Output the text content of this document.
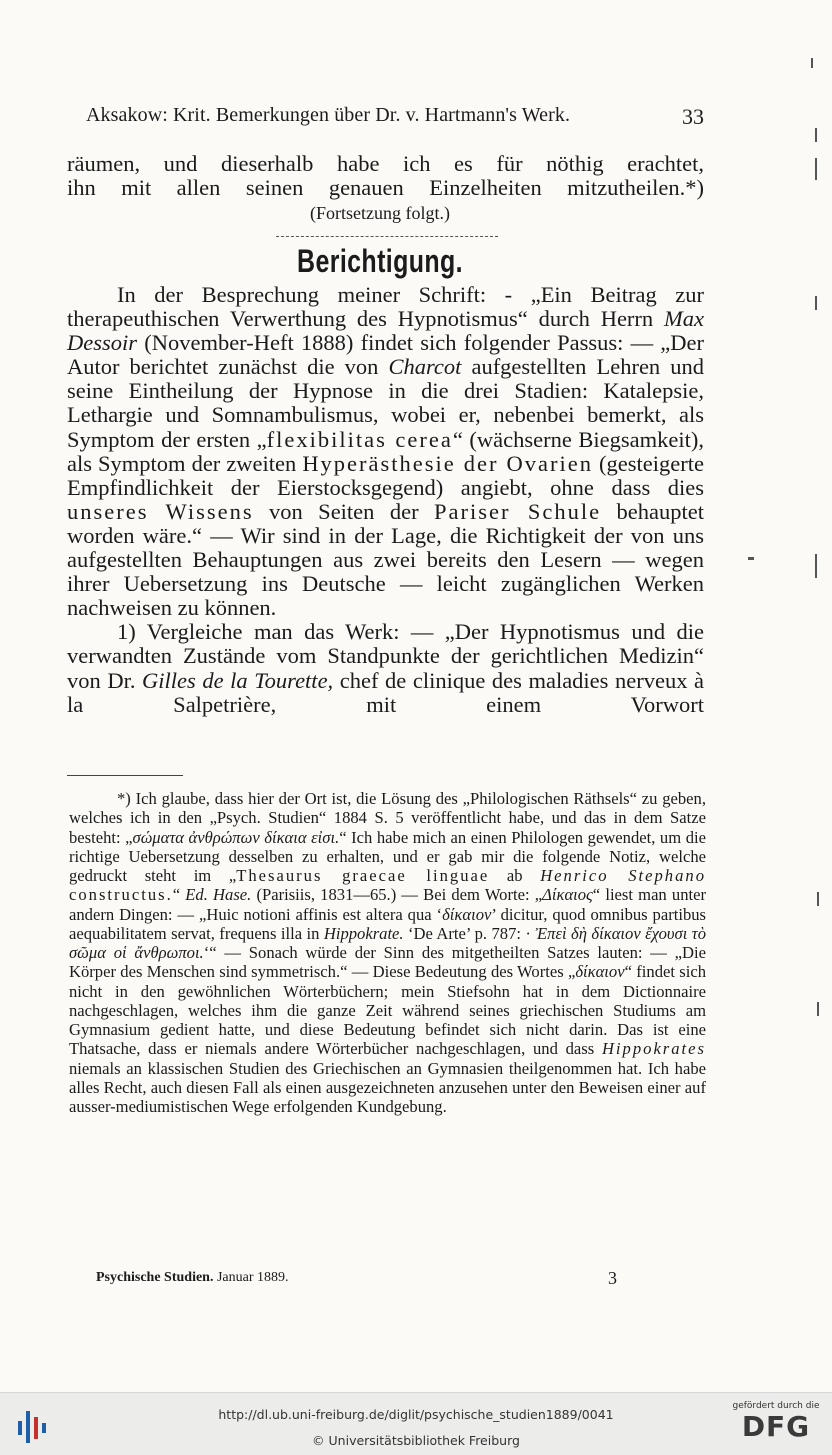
Aksakow: Krit. Bemerkungen über Dr. v. Hartmann's Werk.	33

räumen, und dieserhalb habe ich es für nöthig erachtet,

ihn mit allen seinen genauen Einzelheiten mitzutheilen.*)

(Fortsetzung folgt.)
Berichtigung.

In der Besprechung meiner Schrift: - „Ein Beitrag zur therapeuthischen Verwerthung des Hypnotismus“ durch Herrn Max Dessoir (November-Heft 1888) findet sich folgender Passus: — „Der Autor berichtet zunächst die von Charcot aufgestellten Lehren und seine Eintheilung der Hypnose in die drei Stadien: Katalepsie, Lethargie und Somnambulismus, wobei er, nebenbei bemerkt, als Symptom der ersten „flexibilitas cerea“ (wächserne Biegsamkeit), als Symptom der zweiten Hyperästhesie der Ovarien (gesteigerte Empfindlichkeit der Eierstocksgegend) angiebt, ohne dass dies unseres Wissens von Seiten der Pariser Schule behauptet worden wäre.“ — Wir sind in der Lage, die Richtigkeit der von uns aufgestellten Behauptungen aus zwei bereits den Lesern — wegen ihrer Uebersetzung ins Deutsche — leicht zugänglichen Werken nachweisen zu können.

1) Vergleiche man das Werk: — „Der Hypnotismus und die verwandten Zustände vom Standpunkte der gerichtlichen Medizin“ von Dr. Gilles de la Tourette, chef de clinique des maladies nerveux à la Salpetrière, mit einem Vorwort

*) Ich glaube, dass hier der Ort ist, die Lösung des „Philologischen Räthsels“ zu geben, welches ich in den „Psych. Studien“ 1884 S. 5 veröffentlicht habe, und das in dem Satze besteht: „σώματα ἀνθρώπων δίκαια εἰσι.“ Ich habe mich an einen Philologen gewendet, um die richtige Uebersetzung desselben zu erhalten, und er gab mir die folgende Notiz, welche gedruckt steht im „Thesaurus graecae linguae ab Henrico Stephano constructus.“ Ed. Hase. (Parisiis, 1831—65.) — Bei dem Worte: „Δίκαιος“ liest man unter andern Dingen: — „Huic notioni affinis est altera qua ‘δίκαιον’ dicitur, quod omnibus partibus aequabilitatem servat, frequens illa in Hippokrate. ‘De Arte’ p. 787: · Ἐπεὶ δὴ δίκαιον ἔχουσι τὸ σῶμα οἱ ἄνθρωποι.‘“ — Sonach würde der Sinn des mitgetheilten Satzes lauten: — „Die Körper des Menschen sind symmetrisch.“ — Diese Bedeutung des Wortes „δίκαιον“ findet sich nicht in den gewöhnlichen Wörterbüchern; mein Stiefsohn hat in dem Dictionnaire nachgeschlagen, welches ihm die ganze Zeit während seines griechischen Studiums am Gymnasium gedient hatte, und diese Bedeutung befindet sich nicht darin. Das ist eine Thatsache, dass er niemals andere Wörterbücher nachgeschlagen, und dass Hippokrates niemals an klassischen Studien des Griechischen an Gymnasien theilgenommen hat. Ich habe alles Recht, auch diesen Fall als einen ausgezeichneten anzusehen unter den Beweisen einer auf ausser-mediumistischen Wege erfolgenden Kundgebung.

Psychische Studien. Januar 1889.	3
http://dl.ub.uni-freiburg.de/diglit/psychische_studien1889/0041
© Universitätsbibliothek Freiburg
gefördert durch die
DFG
